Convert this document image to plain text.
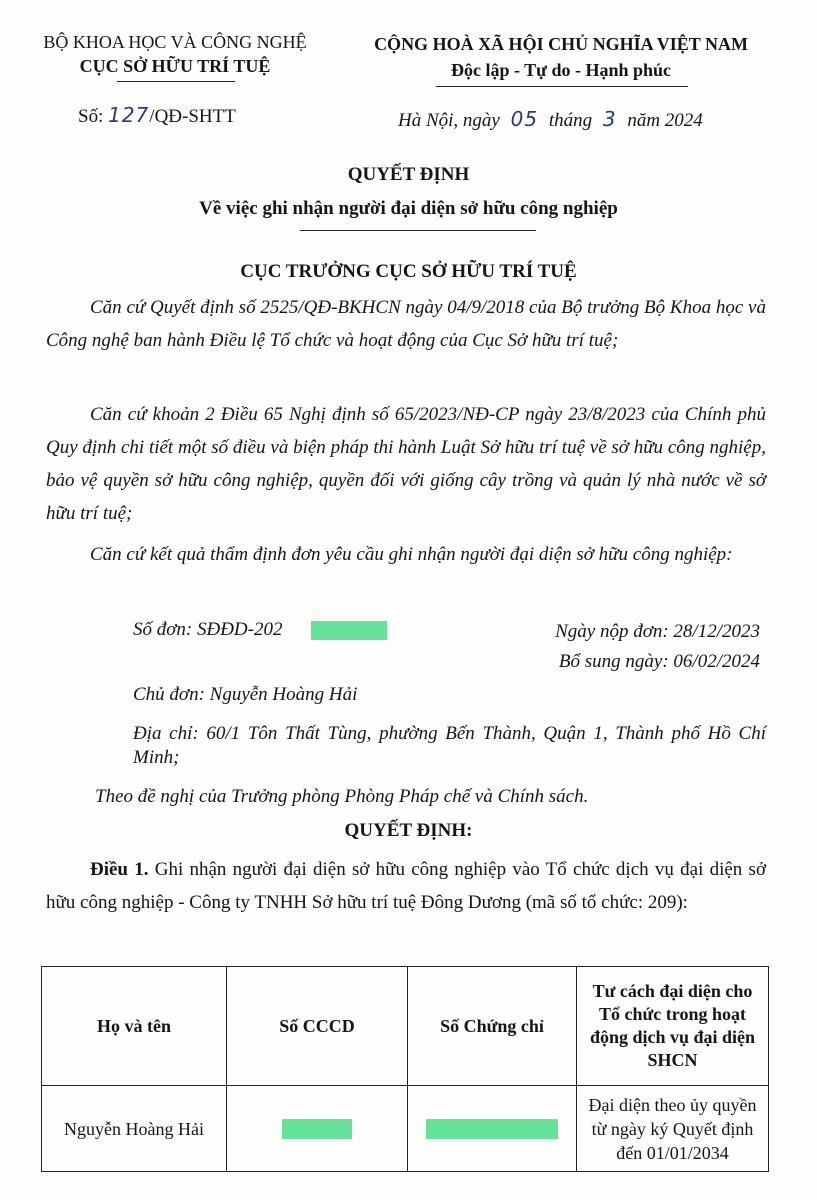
BỘ KHOA HỌC VÀ CÔNG NGHỆ
CỤC SỞ HỮU TRÍ TUỆ
CỘNG HOÀ XÃ HỘI CHỦ NGHĨA VIỆT NAM
Độc lập - Tự do - Hạnh phúc
Số: 127/QĐ-SHTT	Hà Nội, ngày 05 tháng 3 năm 2024
QUYẾT ĐỊNH
Về việc ghi nhận người đại diện sở hữu công nghiệp
CỤC TRƯỞNG CỤC SỞ HỮU TRÍ TUỆ
Căn cứ Quyết định số 2525/QĐ-BKHCN ngày 04/9/2018 của Bộ trưởng Bộ Khoa học và Công nghệ ban hành Điều lệ Tổ chức và hoạt động của Cục Sở hữu trí tuệ;
Căn cứ khoản 2 Điều 65 Nghị định số 65/2023/NĐ-CP ngày 23/8/2023 của Chính phủ Quy định chi tiết một số điều và biện pháp thi hành Luật Sở hữu trí tuệ về sở hữu công nghiệp, bảo vệ quyền sở hữu công nghiệp, quyền đối với giống cây trồng và quản lý nhà nước về sở hữu trí tuệ;
Căn cứ kết quả thẩm định đơn yêu cầu ghi nhận người đại diện sở hữu công nghiệp:
Số đơn: SĐĐD-202	Ngày nộp đơn: 28/12/2023
Bổ sung ngày: 06/02/2024
Chủ đơn: Nguyễn Hoàng Hải
Địa chỉ: 60/1 Tôn Thất Tùng, phường Bến Thành, Quận 1, Thành phố Hồ Chí Minh;
Theo đề nghị của Trưởng phòng Phòng Pháp chế và Chính sách.
QUYẾT ĐỊNH:
Điều 1. Ghi nhận người đại diện sở hữu công nghiệp vào Tổ chức dịch vụ đại diện sở hữu công nghiệp - Công ty TNHH Sở hữu trí tuệ Đông Dương (mã số tổ chức: 209):
Họ và tên	Số CCCD	Số Chứng chỉ	Tư cách đại diện cho Tổ chức trong hoạt động dịch vụ đại diện SHCN
Nguyễn Hoàng Hải			Đại diện theo ủy quyền từ ngày ký Quyết định đến 01/01/2034
